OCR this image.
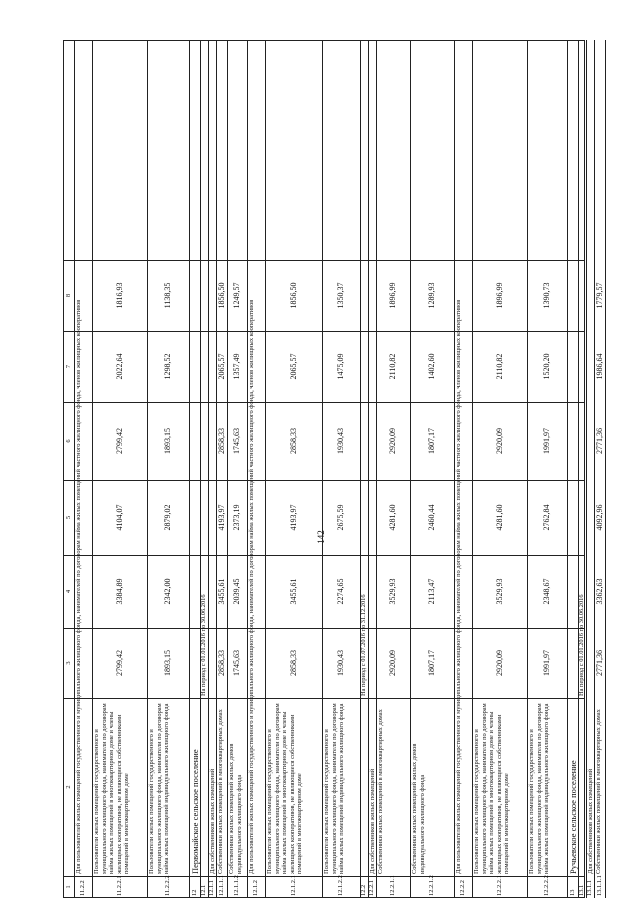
142
1
2
3
4
5
6
7
8
11.2.2
Для пользователей жилых помещений государственного и муниципального жилищного фонда, нанимателей по договорам найма жилых помещений частного жилищного фонда, членов жилищных кооперативов
11.2.2.1
Пользователи жилых помещений государственного и муниципального жилищного фонда, наниматели по договорам найма жилых помещений в многоквартирном доме и члены жилищных кооперативов, не являющиеся собственниками помещений в многоквартирном доме
2799,42
3384,89
4104,07
2799,42
2022,64
1816,93
11.2.2.2
Пользователи жилых помещений государственного и муниципального жилищного фонда, наниматели по договорам найма жилых помещений индивидуального жилищного фонда
1893,15
2342,00
2879,02
1893,15
1298,52
1138,35
12
Первомайское сельское поселение
12.1
На период с 01.01.2016 по 30.06.2016
12.1.1
Для собственников жилых помещений
12.1.1.1
Собственники жилых помещений в многоквартирных домах
2858,33
3455,61
4193,97
2858,33
2065,57
1856,50
12.1.1.2
Собственники жилых помещений жилых домов индивидуального жилищного фонда
1745,63
2039,45
2373,19
1745,63
1357,49
1249,57
12.1.2
Для пользователей жилых помещений государственного и муниципального жилищного фонда, нанимателей по договорам найма жилых помещений частного жилищного фонда, членов жилищных кооперативов
12.1.2.1
Пользователи жилых помещений государственного и муниципального жилищного фонда, наниматели по договорам найма жилых помещений в многоквартирном доме и члены жилищных кооперативов, не являющиеся собственниками помещений в многоквартирном доме
2858,33
3455,61
4193,97
2858,33
2065,57
1856,50
12.1.2.2
Пользователи жилых помещений государственного и муниципального жилищного фонда, наниматели по договорам найма жилых помещений индивидуального жилищного фонда
1930,43
2274,65
2675,59
1930,43
1475,09
1350,37
12.2
На период с 01.07.2016 по 31.12.2016
12.2.1
Для собственников жилых помещений
12.2.1.1
Собственники жилых помещений в многоквартирных домах
2920,09
3529,93
4281,60
2920,09
2110,82
1896,99
12.2.1.2
Собственники жилых помещений жилых домов индивидуального жилищного фонда
1807,17
2113,47
2460,44
1807,17
1402,60
1289,93
12.2.2
Для пользователей жилых помещений государственного и муниципального жилищного фонда, нанимателей по договорам найма жилых помещений частного жилищного фонда, членов жилищных кооперативов
12.2.2.1
Пользователи жилых помещений государственного и муниципального жилищного фонда, наниматели по договорам найма жилых помещений в многоквартирном доме и члены жилищных кооперативов, не являющиеся собственниками помещений в многоквартирном доме
2920,09
3529,93
4281,60
2920,09
2110,82
1896,99
12.2.2.2
Пользователи жилых помещений государственного и муниципального жилищного фонда, наниматели по договорам найма жилых помещений индивидуального жилищного фонда
1991,97
2348,67
2762,84
1991,97
1520,20
1390,73
13
Ручьевское сельское поселение
13.1
На период с 01.01.2016 по 30.06.2016
13.1.1
Для собственников жилых помещений
13.1.1.1
Собственники жилых помещений в многоквартирных домах
2771,36
3362,63
4092,96
2771,36
1986,64
1779,57
